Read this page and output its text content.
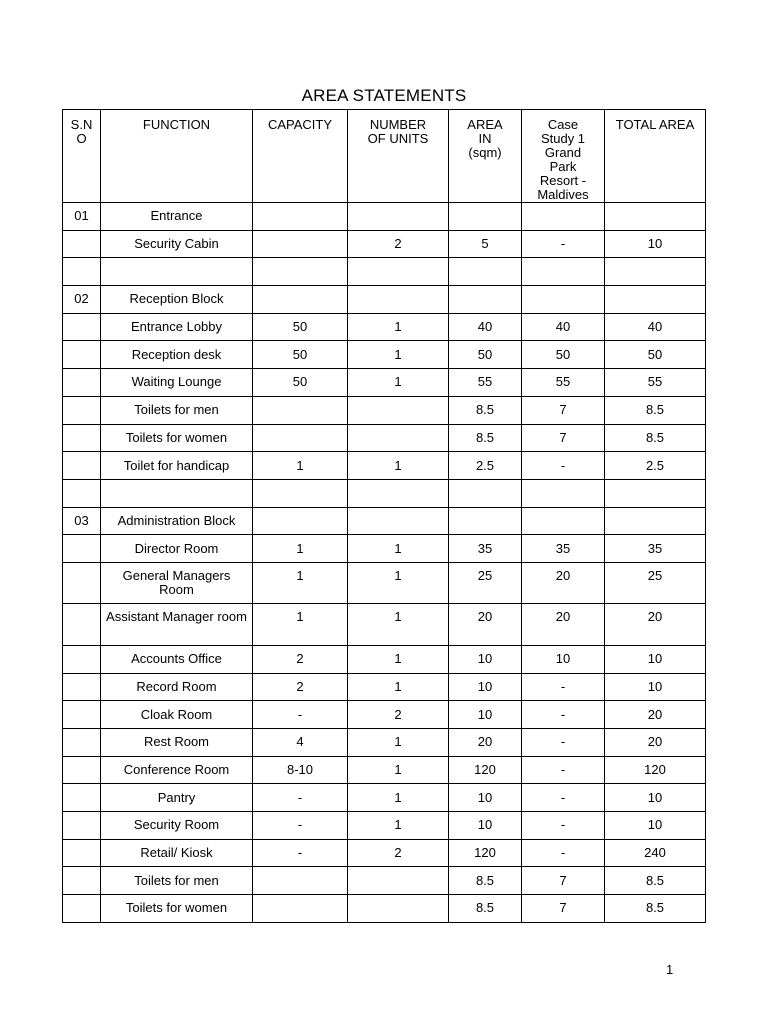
AREA STATEMENTS
S.N O	FUNCTION	CAPACITY	NUMBER OF UNITS	AREA IN (sqm)	Case Study 1 Grand Park Resort -Maldives	TOTAL AREA
01	Entrance					
	Security Cabin		2	5	-	10

02	Reception Block					
	Entrance Lobby	50	1	40	40	40
	Reception desk	50	1	50	50	50
	Waiting Lounge	50	1	55	55	55
	Toilets for men			8.5	7	8.5
	Toilets for women			8.5	7	8.5
	Toilet for handicap	1	1	2.5	-	2.5

03	Administration Block					
	Director Room	1	1	35	35	35
	General Managers Room	1	1	25	20	25
	Assistant Manager room	1	1	20	20	20
	Accounts Office	2	1	10	10	10
	Record Room	2	1	10	-	10
	Cloak Room	-	2	10	-	20
	Rest Room	4	1	20	-	20
	Conference Room	8-10	1	120	-	120
	Pantry	-	1	10	-	10
	Security Room	-	1	10	-	10
	Retail/ Kiosk	-	2	120	-	240
	Toilets for men			8.5	7	8.5
	Toilets for women			8.5	7	8.5
1
